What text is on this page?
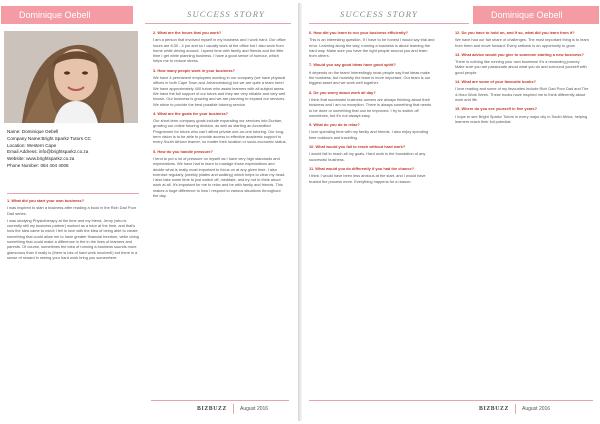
Dominique Oebell	SUCCESS STORY

Name: Dominique Oebell

Company Name:Bright Sparkz Tutors CC

Location: Western Cape

Email Address: info@brightsparkz.co.za

Website: www.brightsparkz.co.za

Phone Number: 084 404 4006

1. What did you start your own business?

I was inspired to start a business after reading a book in the Rich Dad Poor Dad series.

I was studying Physiotherapy at the time and my friend, Jenry (who is currently still my business partner) worked as a tutor at the time, and that's how the idea came to mind! I fell in love with the idea of being able to create something that could allow me to have greater financial freedom, while doing something that could make a difference in the in the lives of learners and parents. Of course, sometimes the idea of running a business sounds more glamorous than it really is (there is lots of hard work involved!) but there is a sense of reward in seeing your hard work bring you somewhere.

2. What are the hours that you work?

I am a person that involved myself in my business and I work hard. Our office hours are 8:30 - 4 pm and so I usually work at the office but I also work from home while driving around. I spend time with family and friends and the little time I get while planning business. I have a good sense of humour, which helps me to reduce stress.

3. How many people work in your business?

We have 4 permanent employees working in our company (we have physical offices in both Cape Town and Johannesburg) but we are quite a team here! We have approximately 400 tutors who assist learners with all subject areas. We have the full support of our tutors and they are very reliable and very well known. Our business is growing and we are planning to expand our services. We strive to provide the best possible tutoring service.

4. What are the goals for your business?

Our short-term company goals include expanding our services into Durban, growing our online tutoring division, as well as starting an Accredited Programme for tutors who can't afford private one-on-one tutoring. Our long-term vision is to be able to provide access to effective academic support to every South African learner, no matter their location or socio-economic status.

5. How do you handle pressure?

I tend to put a lot of pressure on myself as I have very high standards and expectations. We have had to learn to manage those expectations and decide what is really most important to focus on at any given time. I also exercise regularly (weekly pilates and walking) which helps to clear my head. I also take some time to just switch off, meditate, and try not to think about work at all. It's important for me to relax and be with family and friends. This makes a huge difference to how I respond to various situations throughout the day.

BIZBUZZ	August 2016
SUCCESS STORY	Dominique Oebell

6. How did you learn to run your business efficiently?

This is an interesting question. If I have to be honest I would say trial and error. Learning along the way, running a business is about learning the hard way. Make sure you have the right people around you and learn from others.

7. Would you say good ideas have good spirit?

It depends on the team! Interestingly most people say that ideas make the business, but honestly the team is more important. Our team is our biggest asset and we work well together.

8. Do you worry about work all day?

I think that successful business owners are always thinking about their business and I am no exception. There is always something that needs to be done or something that can be improved. I try to switch off sometimes, but it's not always easy.

9. What do you do to relax?

I love spending time with my family and friends. I also enjoy spending time outdoors and travelling.

10. What would you fail to reach without hard work?

I would fail to reach all my goals. Hard work is the foundation of any successful business.

11. What would you do differently if you had the chance?

I think I would have been less anxious at the start, and I would have trusted the process more. Everything happens for a reason.

12. Do you have to hold on, and if so, what did you learn from it?

We have had our fair share of challenges. The most important thing is to learn from them and move forward. Every setback is an opportunity to grow.

13. What advice would you give to someone starting a new business?

There is nothing like running your own business! It's a rewarding journey. Make sure you are passionate about what you do and surround yourself with good people.

14. What are some of your favourite books?

I love reading and some of my favourites include Rich Dad Poor Dad and The 4-Hour Work Week. These books have inspired me to think differently about work and life.

15. Where do you see yourself in five years?

I hope to see Bright Sparkz Tutors in every major city in South Africa, helping learners reach their full potential.

BIZBUZZ	August 2016
